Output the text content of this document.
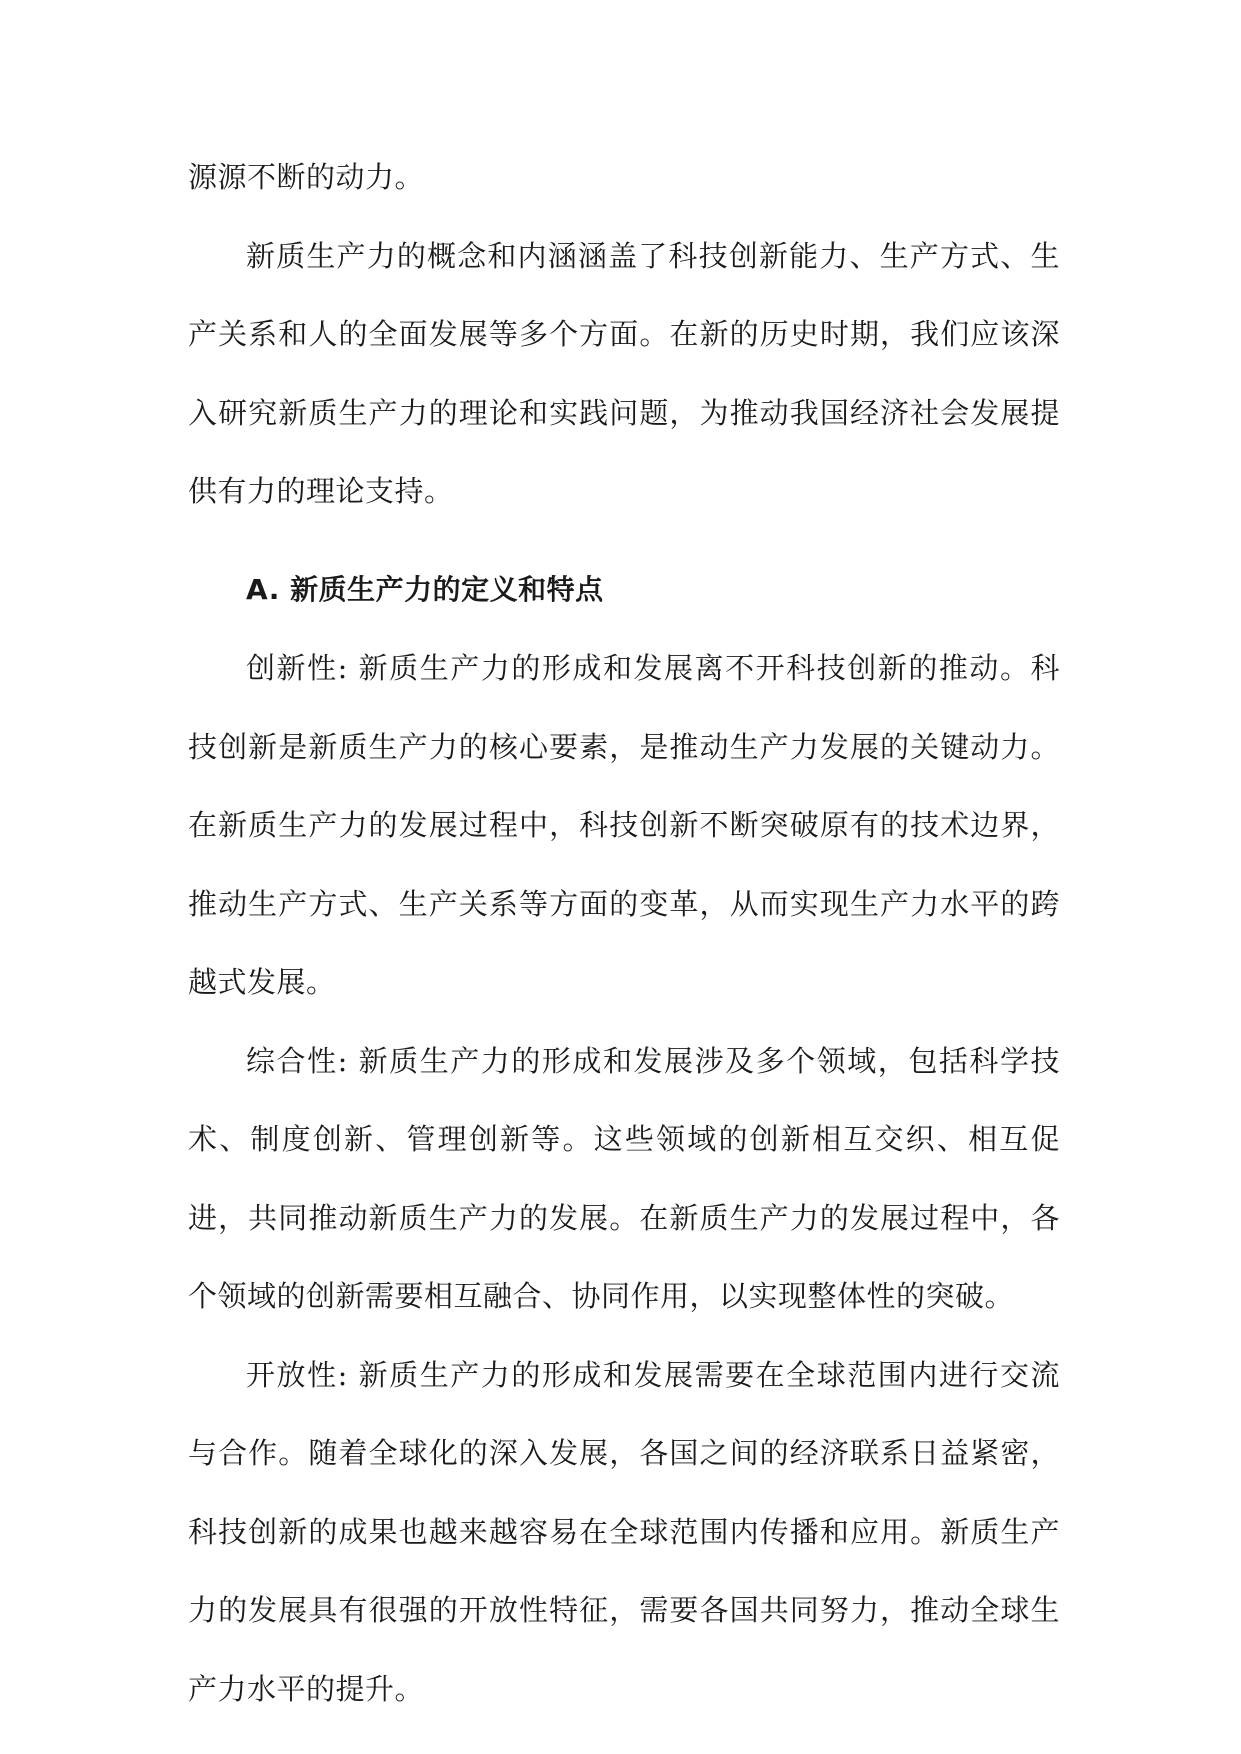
源源不断的动力。

新质生产力的概念和内涵涵盖了科技创新能力、生产方式、生产关系和人的全面发展等多个方面。在新的历史时期，我们应该深入研究新质生产力的理论和实践问题，为推动我国经济社会发展提供有力的理论支持。

A. 新质生产力的定义和特点

创新性: 新质生产力的形成和发展离不开科技创新的推动。科技创新是新质生产力的核心要素，是推动生产力发展的关键动力。在新质生产力的发展过程中，科技创新不断突破原有的技术边界，推动生产方式、生产关系等方面的变革，从而实现生产力水平的跨越式发展。

综合性: 新质生产力的形成和发展涉及多个领域，包括科学技术、制度创新、管理创新等。这些领域的创新相互交织、相互促进，共同推动新质生产力的发展。在新质生产力的发展过程中，各个领域的创新需要相互融合、协同作用，以实现整体性的突破。

开放性: 新质生产力的形成和发展需要在全球范围内进行交流与合作。随着全球化的深入发展，各国之间的经济联系日益紧密，科技创新的成果也越来越容易在全球范围内传播和应用。新质生产力的发展具有很强的开放性特征，需要各国共同努力，推动全球生产力水平的提升。
